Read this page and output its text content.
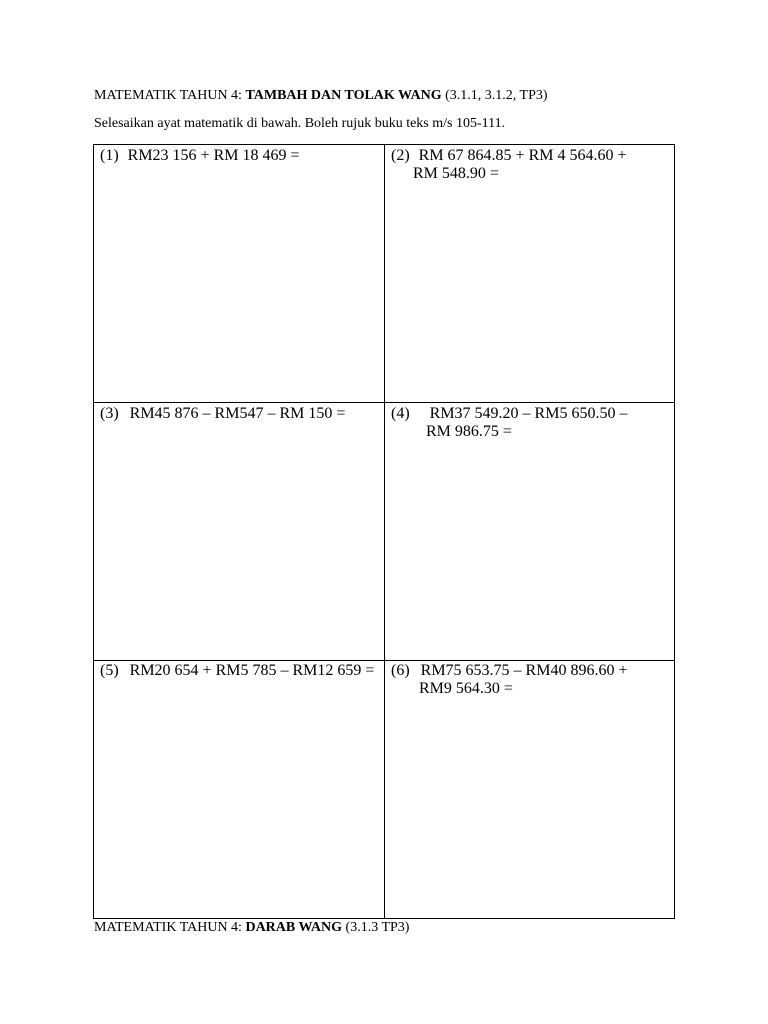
MATEMATIK TAHUN 4: TAMBAH DAN TOLAK WANG (3.1.1, 3.1.2, TP3)
Selesaikan ayat matematik di bawah. Boleh rujuk buku teks m/s 105-111.
(1) RM23 156 + RM 18 469 =	(2) RM 67 864.85 + RM 4 564.60 +
RM 548.90 =
(3) RM45 876 – RM547 – RM 150 =	(4) RM37 549.20 – RM5 650.50 –
RM 986.75 =
(5) RM20 654 + RM5 785 – RM12 659 = (6) RM75 653.75 – RM40 896.60 +
RM9 564.30 =
MATEMATIK TAHUN 4: DARAB WANG (3.1.3 TP3)
